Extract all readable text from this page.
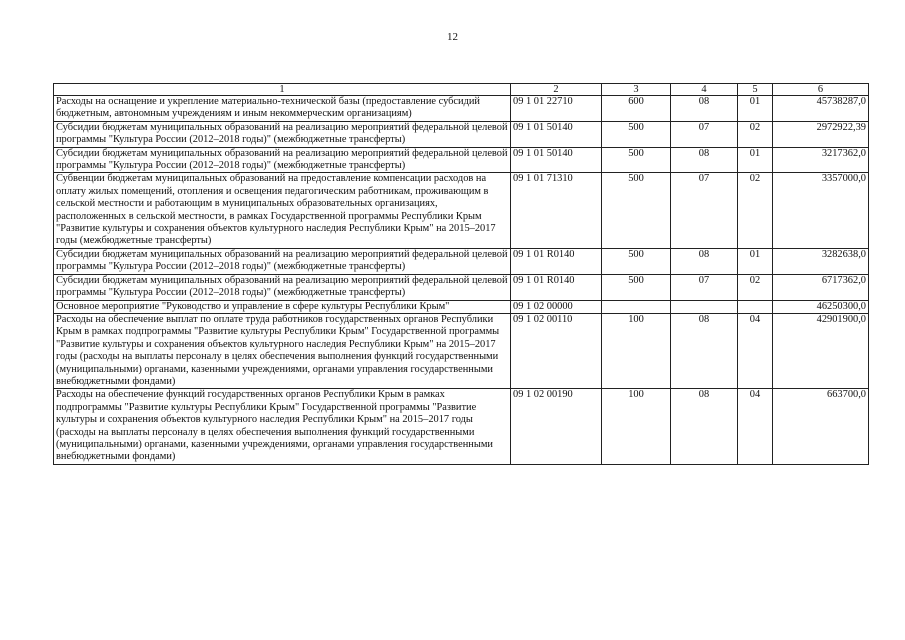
12
1	2	3	4	5	6
Расходы на оснащение и укрепление материально-технической базы (предоставление субсидий бюджетным, автономным учреждениям и иным некоммерческим организациям)	09 1 01 22710	600	08	01	45738287,0
Субсидии бюджетам муниципальных образований на реализацию мероприятий федеральной целевой программы "Культура России (2012–2018 годы)" (межбюджетные трансферты)	09 1 01 50140	500	07	02	2972922,39
Субсидии бюджетам муниципальных образований на реализацию мероприятий федеральной целевой программы "Культура России (2012–2018 годы)" (межбюджетные трансферты)	09 1 01 50140	500	08	01	3217362,0
Субвенции бюджетам муниципальных образований на предоставление компенсации расходов на оплату жилых помещений, отопления и освещения педагогическим работникам, проживающим в сельской местности и работающим в муниципальных образовательных организациях, расположенных в сельской местности, в рамках Государственной программы Республики Крым "Развитие культуры и сохранения объектов культурного наследия Республики Крым" на 2015–2017 годы (межбюджетные трансферты)	09 1 01 71310	500	07	02	3357000,0
Субсидии бюджетам муниципальных образований на реализацию мероприятий федеральной целевой программы "Культура России (2012–2018 годы)" (межбюджетные трансферты)	09 1 01 R0140	500	08	01	3282638,0
Субсидии бюджетам муниципальных образований на реализацию мероприятий федеральной целевой программы "Культура России (2012–2018 годы)" (межбюджетные трансферты)	09 1 01 R0140	500	07	02	6717362,0
Основное мероприятие "Руководство и управление в сфере культуры Республики Крым"	09 1 02 00000				46250300,0
Расходы на обеспечение выплат по оплате труда работников государственных органов Республики Крым в рамках подпрограммы "Развитие культуры Республики Крым" Государственной программы "Развитие культуры и сохранения объектов культурного наследия Республики Крым" на 2015–2017 годы (расходы на выплаты персоналу в целях обеспечения выполнения функций государственными (муниципальными) органами, казенными учреждениями, органами управления государственными внебюджетными фондами)	09 1 02 00110	100	08	04	42901900,0
Расходы на обеспечение функций государственных органов Республики Крым в рамках подпрограммы "Развитие культуры Республики Крым" Государственной программы "Развитие культуры и сохранения объектов культурного наследия Республики Крым" на 2015–2017 годы (расходы на выплаты персоналу в целях обеспечения выполнения функций государственными (муниципальными) органами, казенными учреждениями, органами управления государственными внебюджетными фондами)	09 1 02 00190	100	08	04	663700,0
